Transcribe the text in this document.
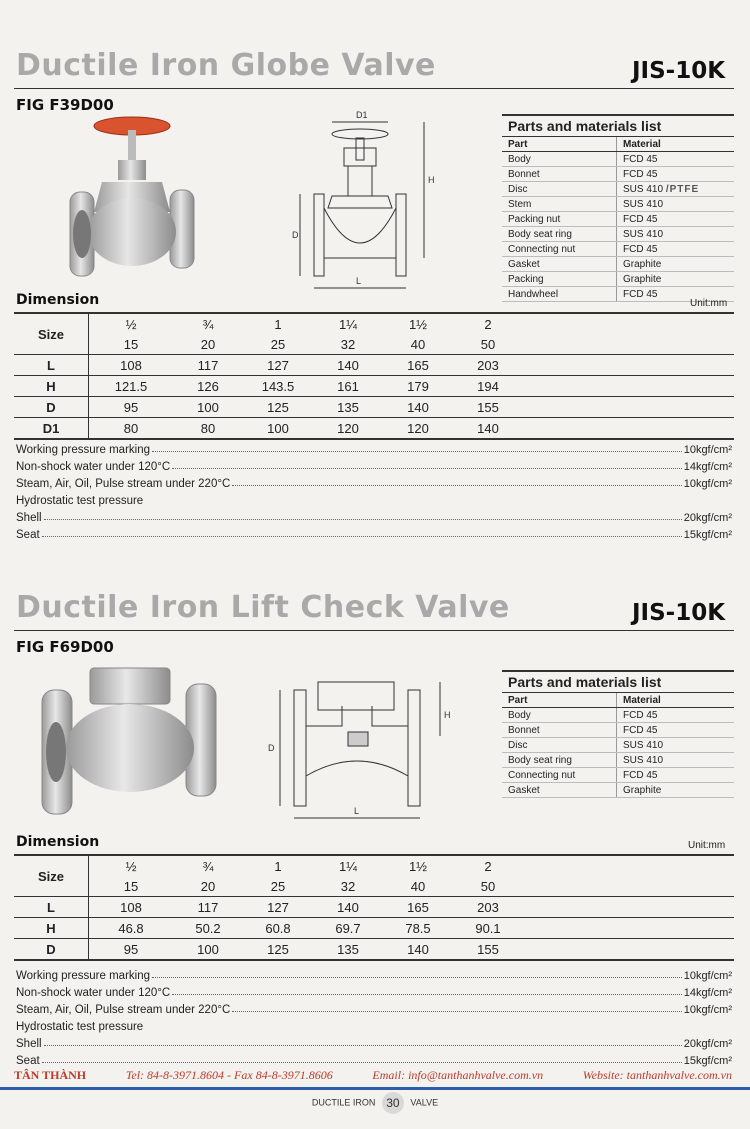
Ductile Iron Globe Valve	JIS-10K
FIG F39D00
D1
H
D
L
Parts and materials list
Part	Material
Body	FCD 45
Bonnet	FCD 45
Disc	SUS 410 /PTFE
Stem	SUS 410
Packing nut	FCD 45
Body seat ring	SUS 410
Connecting nut	FCD 45
Gasket	Graphite
Packing	Graphite
Handwheel	FCD 45
Dimension	Unit:mm
Size	½	¾	1	1¼	1½	2	
	15	20	25	32	40	50	
L	108	117	127	140	165	203	
H	121.5	126	143.5	161	179	194	
D	95	100	125	135	140	155	
D1	80	80	100	120	120	140	
Working pressure marking	10kgf/cm²
Non-shock water under 120°C	14kgf/cm²
Steam, Air, Oil, Pulse stream under 220°C	10kgf/cm²
Hydrostatic test pressure
Shell	20kgf/cm²
Seat	15kgf/cm²
Ductile Iron Lift Check Valve	JIS-10K
FIG F69D00
H
D
L
Parts and materials list
Part	Material
Body	FCD 45
Bonnet	FCD 45
Disc	SUS 410
Body seat ring	SUS 410
Connecting nut	FCD 45
Gasket	Graphite
Dimension	Unit:mm
Size	½	¾	1	1¼	1½	2	
	15	20	25	32	40	50	
L	108	117	127	140	165	203	
H	46.8	50.2	60.8	69.7	78.5	90.1	
D	95	100	125	135	140	155	
Working pressure marking	10kgf/cm²
Non-shock water under 120°C	14kgf/cm²
Steam, Air, Oil, Pulse stream under 220°C	10kgf/cm²
Hydrostatic test pressure
Shell	20kgf/cm²
Seat	15kgf/cm²
TÂN THÀNH	Tel: 84-8-3971.8604 - Fax 84-8-3971.8606	Email: info@tanthanhvalve.com.vn	Website: tanthanhvalve.com.vn
DUCTILE IRON 30 VALVE
